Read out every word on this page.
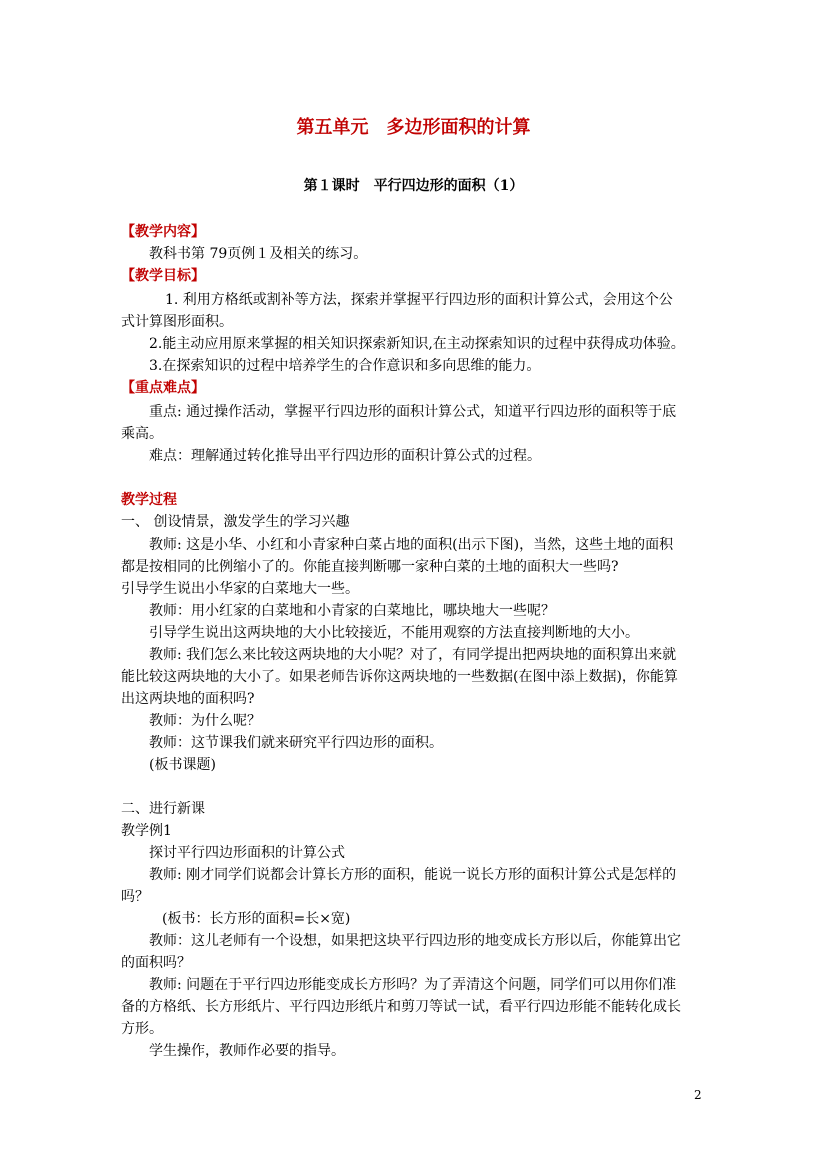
第五单元　多边形面积的计算
第１课时　平行四边形的面积（1）
【教学内容】
教科书第 79页例１及相关的练习。
【教学目标】
1. 利用方格纸或割补等方法，探索并掌握平行四边形的面积计算公式，会用这个公
式计算图形面积。
2.能主动应用原来掌握的相关知识探索新知识,在主动探索知识的过程中获得成功体验。
3.在探索知识的过程中培养学生的合作意识和多向思维的能力。
【重点难点】
重点: 通过操作活动，掌握平行四边形的面积计算公式，知道平行四边形的面积等于底
乘高。
难点：理解通过转化推导出平行四边形的面积计算公式的过程。
教学过程
一、 创设情景，激发学生的学习兴趣
教师: 这是小华、小红和小青家种白菜占地的面积(出示下图)，当然，这些土地的面积
都是按相同的比例缩小了的。你能直接判断哪一家种白菜的土地的面积大一些吗?
引导学生说出小华家的白菜地大一些。
教师：用小红家的白菜地和小青家的白菜地比，哪块地大一些呢？
引导学生说出这两块地的大小比较接近，不能用观察的方法直接判断地的大小。
教师: 我们怎么来比较这两块地的大小呢？对了，有同学提出把两块地的面积算出来就
能比较这两块地的大小了。如果老师告诉你这两块地的一些数据(在图中添上数据)，你能算
出这两块地的面积吗?
教师：为什么呢？
教师：这节课我们就来研究平行四边形的面积。
(板书课题)
二、进行新课
教学例1
探讨平行四边形面积的计算公式
教师: 刚才同学们说都会计算长方形的面积，能说一说长方形的面积计算公式是怎样的
吗？
(板书：长方形的面积=长×宽)
教师：这儿老师有一个设想，如果把这块平行四边形的地变成长方形以后，你能算出它
的面积吗？
教师: 问题在于平行四边形能变成长方形吗？为了弄清这个问题，同学们可以用你们准
备的方格纸、长方形纸片、平行四边形纸片和剪刀等试一试，看平行四边形能不能转化成长
方形。
学生操作，教师作必要的指导。
2
